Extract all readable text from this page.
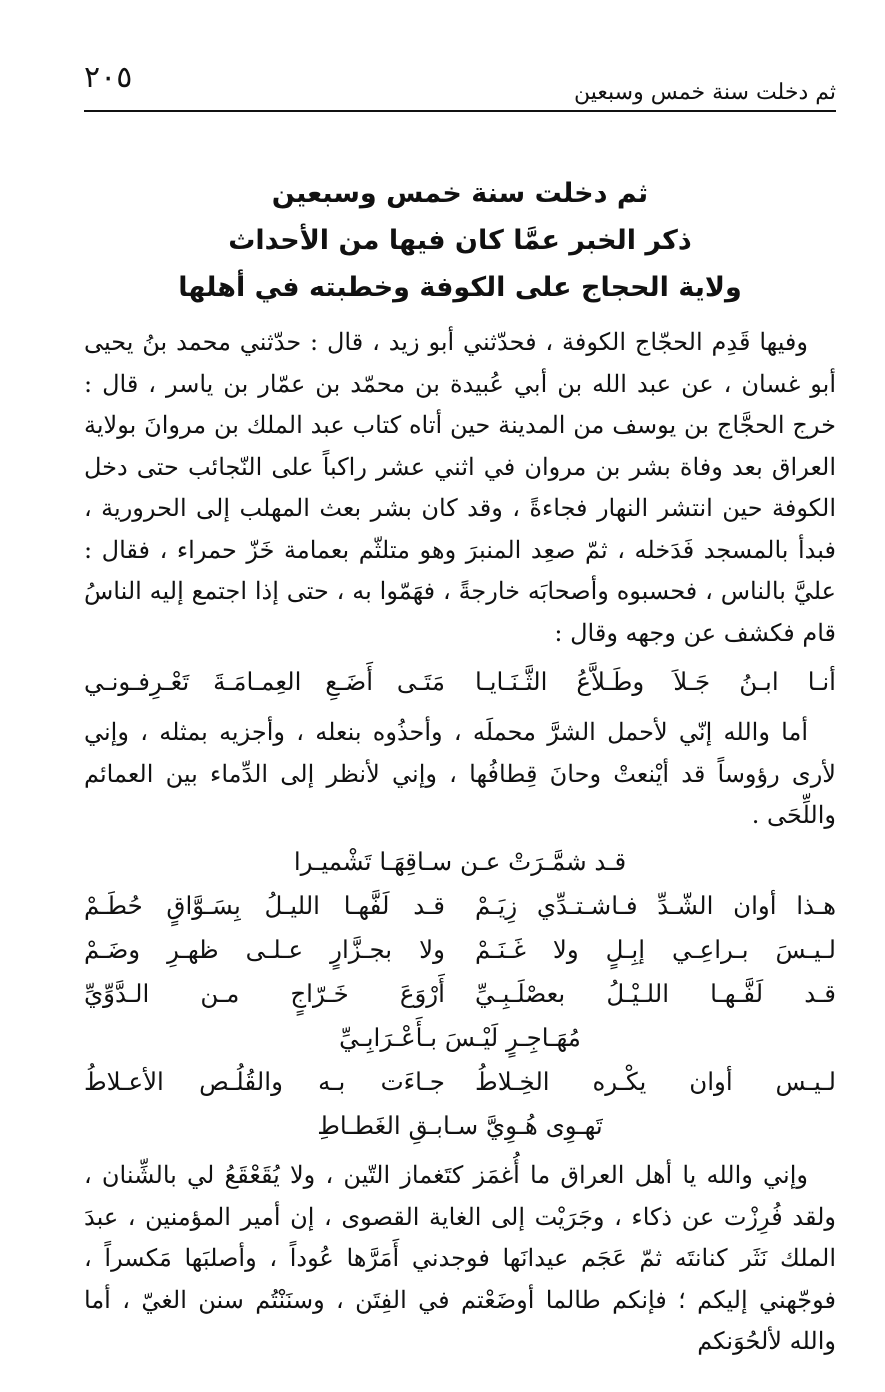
٢٠٥	ثم دخلت سنة خمس وسبعين

ثم دخلت سنة خمس وسبعين

ذكر الخبر عمَّا كان فيها من الأحداث

ولاية الحجاج على الكوفة وخطبته في أهلها

وفيها قَدِم الحجّاج الكوفة ، فحدّثني أبو زيد ، قال : حدّثني محمد بنُ يحيى أبو غسان ، عن عبد الله بن أبي عُبيدة بن محمّد بن عمّار بن ياسر ، قال : خرج الحجَّاج بن يوسف من المدينة حين أتاه كتاب عبد الملك بن مروانَ بولاية العراق بعد وفاة بشر بن مروان في اثني عشر راكباً على النّجائب حتى دخل الكوفة حين انتشر النهار فجاءةً ، وقد كان بشر بعث المهلب إلى الحرورية ، فبدأ بالمسجد فَدَخله ، ثمّ صعِد المنبرَ وهو متلثّم بعمامة خَزّ حمراء ، فقال : عليَّ بالناس ، فحسبوه وأصحابَه خارجةً ، فهَمّوا به ، حتى إذا اجتمع إليه الناسُ قام فكشف عن وجهه وقال :

أنـا ابـنُ جَـلاَ وطَـلاَّعُ الثَّـنَـايـا
مَتَـى أَضَـعِ العِمـامَـةَ تَعْـرِفـونـي

أما والله إنّي لأحمل الشرَّ محملَه ، وأحذُوه بنعله ، وأجزيه بمثله ، وإني لأرى رؤوساً قد أيْنعتْ وحانَ قِطافُها ، وإني لأنظر إلى الدِّماء بين العمائم واللِّحَى .

قـد شمَّـرَتْ عـن سـاقِهَـا تَشْميـرا
هـذا أوان الشّـدِّ فـاشـتـدِّي زِيَـمْ
قـد لَفَّهـا الليـلُ بِسَـوَّاقٍ حُطَـمْ
لـيـسَ بـراعِـي إبِـلٍ ولا غَـنَـمْ
ولا بجـزَّارٍ عـلـى ظهـرِ وضَـمْ
قـد لَفَّـهـا اللـيْـلُ بعصْلَـبِـيِّ
أَرْوَعَ خَـرّاجٍ مـن الـدَّوِّيِّ
مُهَـاجِـرٍ لَيْـسَ بـأَعْـرَابِـيِّ
لـيـس أوان يكْـره الخِـلاطُ
جـاءَت بـه والقُلُـص الأعـلاطُ
تَهـوِى هُـوِيَّ سـابـقِ الغَطـاطِ

وإني والله يا أهل العراق ما أُغمَز كتَغماز التّين ، ولا يُقَعْقَعُ لي بالشِّنان ، ولقد فُرِزْت عن ذكاء ، وجَرَيْت إلى الغاية القصوى ، إن أمير المؤمنين ، عبدَ الملك نَثَر كنانتَه ثمّ عَجَم عيدانَها فوجدني أَمَرَّها عُوداً ، وأصلبَها مَكسراً ، فوجّهني إليكم ؛ فإنكم طالما أوضَعْتم في الفِتَن ، وسنَنْتُم سنن الغيّ ، أما والله لألحُوَنكم
